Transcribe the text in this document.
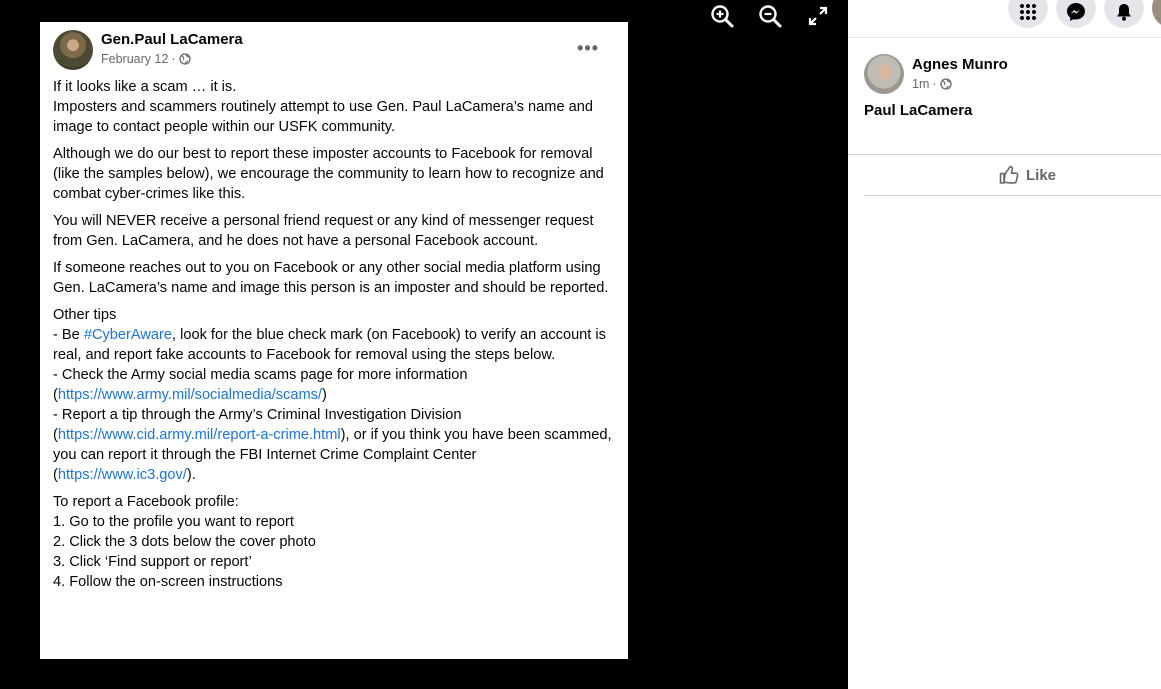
Gen.Paul LaCamera
February 12 ·
•••

If it looks like a scam … it is.
Imposters and scammers routinely attempt to use Gen. Paul LaCamera’s name and image to contact people within our USFK community.

Although we do our best to report these imposter accounts to Facebook for removal (like the samples below), we encourage the community to learn how to recognize and combat cyber-crimes like this.

You will NEVER receive a personal friend request or any kind of messenger request from Gen. LaCamera, and he does not have a personal Facebook account.

If someone reaches out to you on Facebook or any other social media platform using Gen. LaCamera’s name and image this person is an imposter and should be reported.

Other tips
- Be #CyberAware, look for the blue check mark (on Facebook) to verify an account is real, and report fake accounts to Facebook for removal using the steps below.
- Check the Army social media scams page for more information (https://www.army.mil/socialmedia/scams/)
- Report a tip through the Army’s Criminal Investigation Division (https://www.cid.army.mil/report-a-crime.html), or if you think you have been scammed, you can report it through the FBI Internet Crime Complaint Center (https://www.ic3.gov/).

To report a Facebook profile:
1. Go to the profile you want to report
2. Click the 3 dots below the cover photo
3. Click ‘Find support or report’
4. Follow the on-screen instructions

Agnes Munro
1m ·
Paul LaCamera
Like
